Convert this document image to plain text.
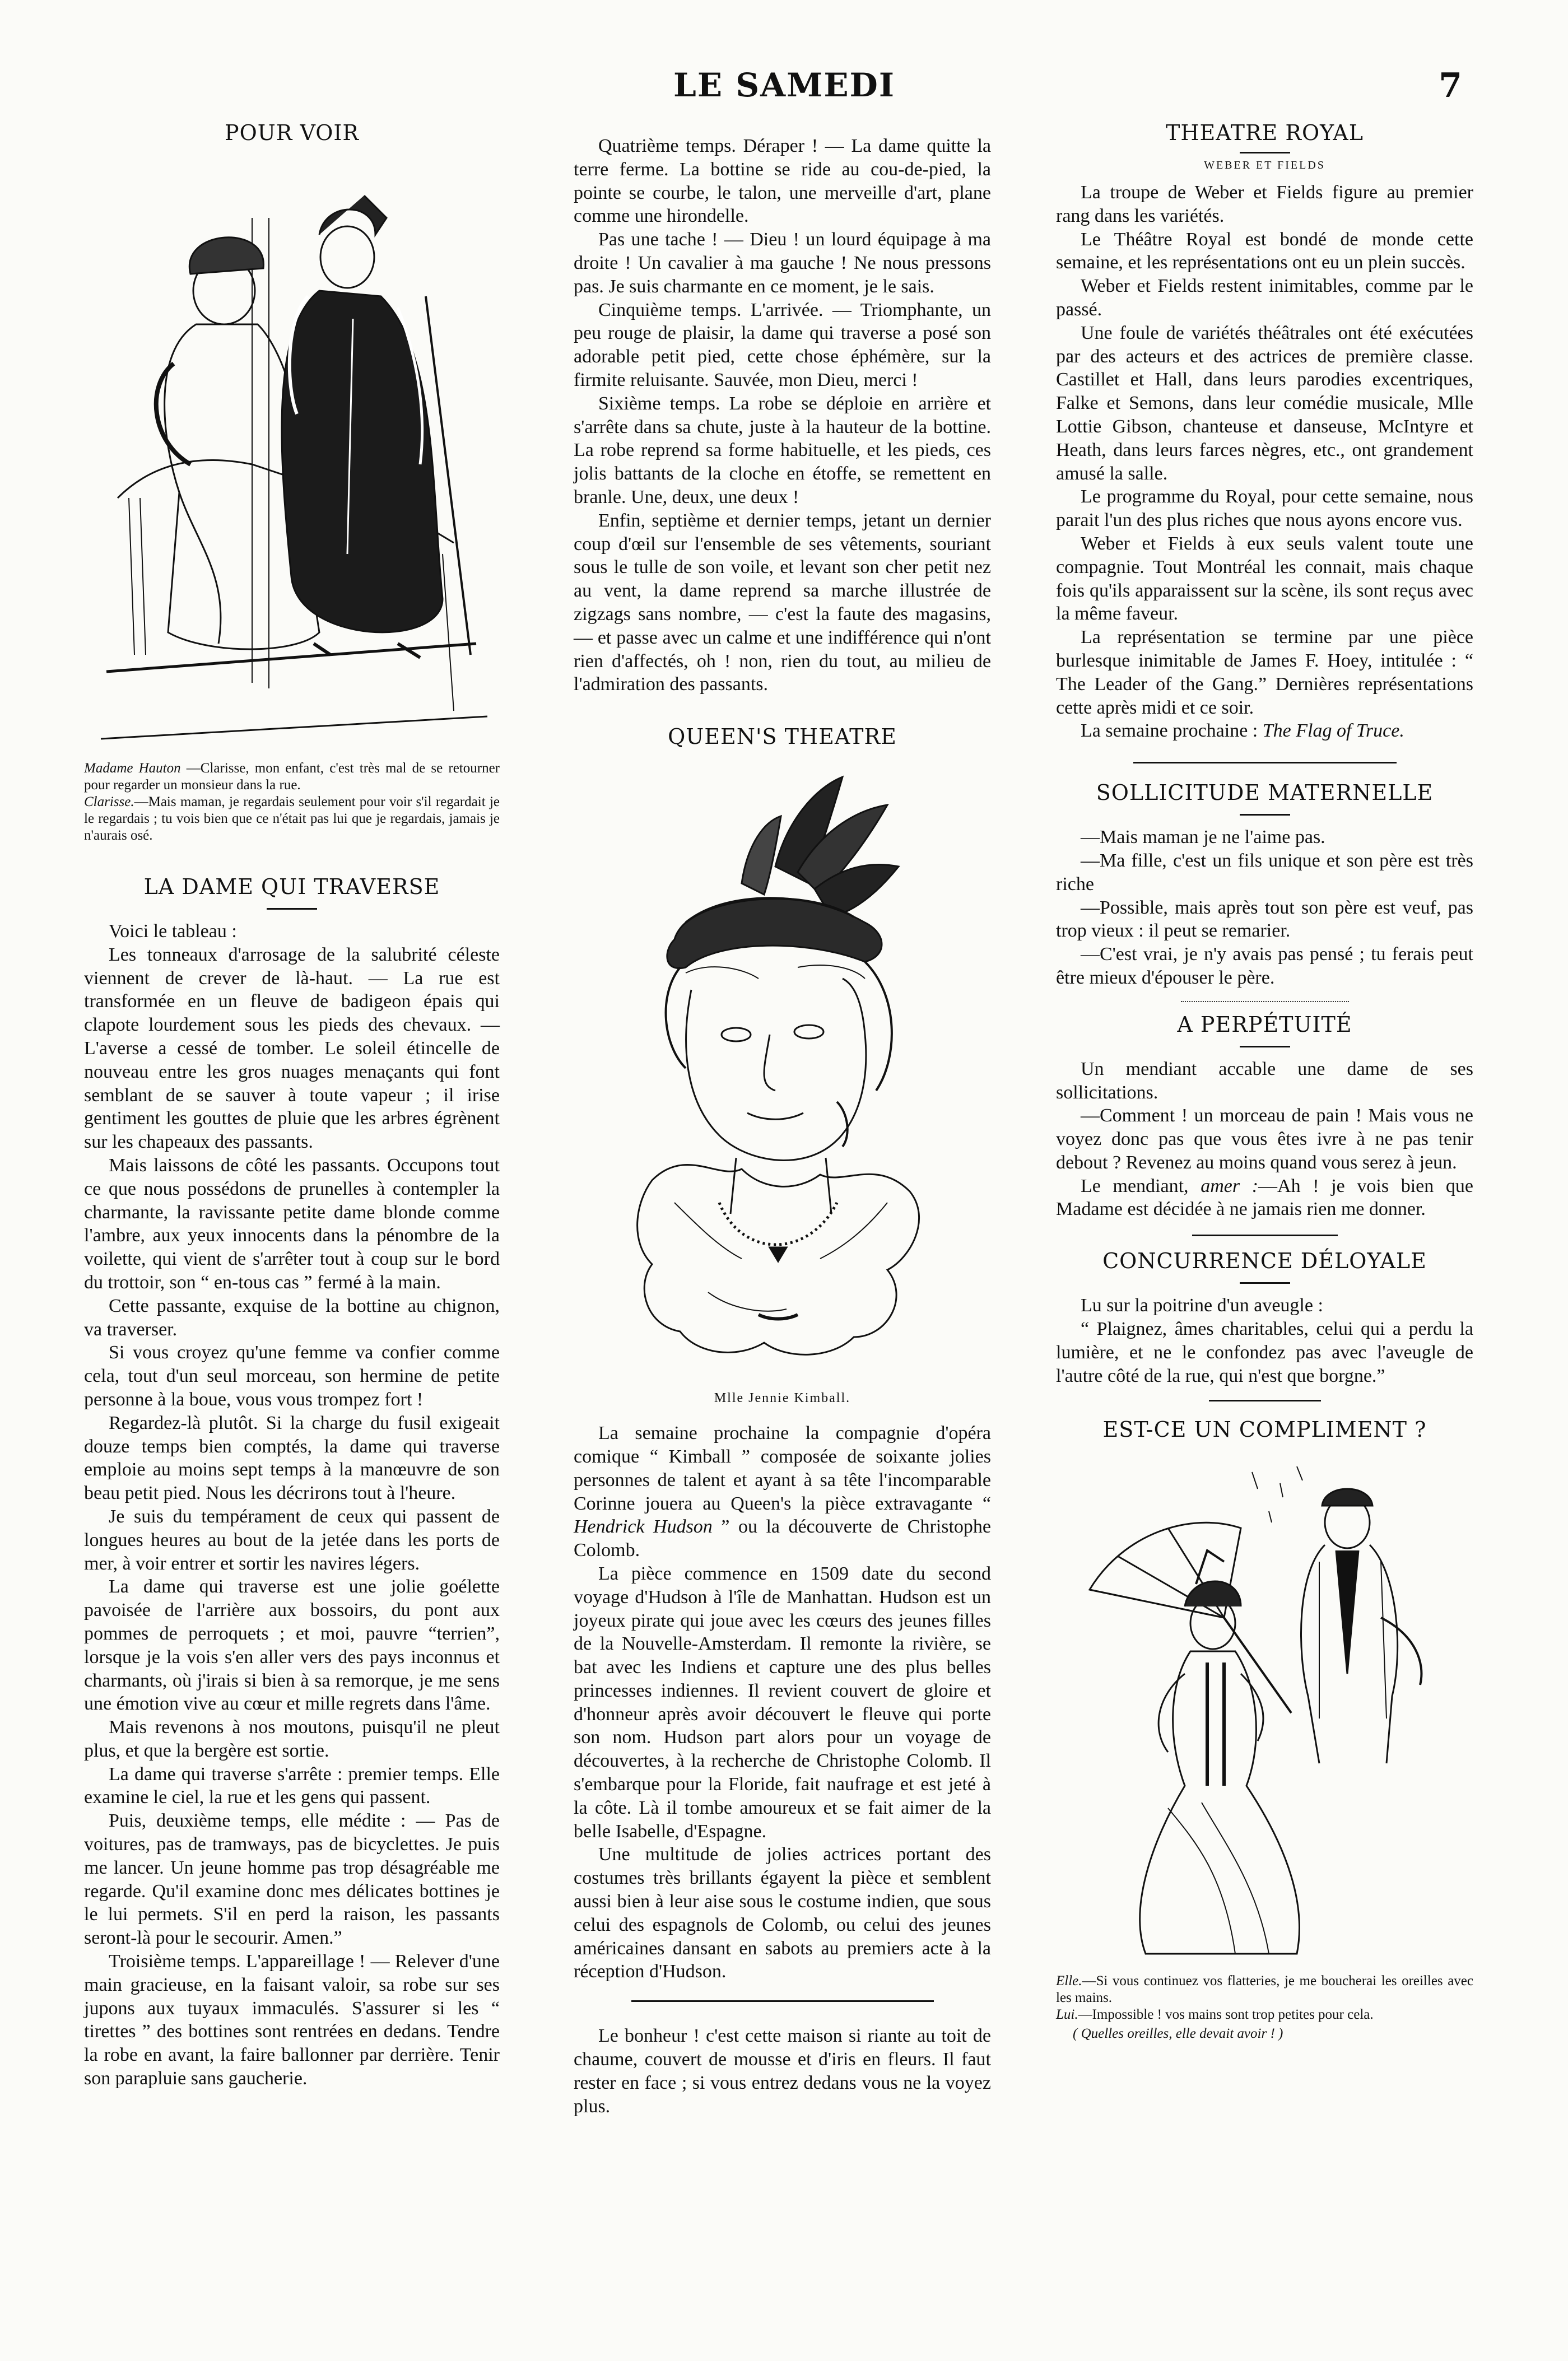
LE SAMEDI	7
POUR VOIR

Madame Hauton —Clarisse, mon enfant, c'est très mal de se retourner pour regarder un monsieur dans la rue.

Clarisse.—Mais maman, je regardais seulement pour voir s'il regardait je le regardais ; tu vois bien que ce n'était pas lui que je regardais, jamais je n'aurais osé.

LA DAME QUI TRAVERSE

Voici le tableau :

Les tonneaux d'arrosage de la salubrité céleste viennent de crever de là-haut. — La rue est transformée en un fleuve de badigeon épais qui clapote lourdement sous les pieds des chevaux. — L'averse a cessé de tomber. Le soleil étincelle de nouveau entre les gros nuages menaçants qui font semblant de se sauver à toute vapeur ; il irise gentiment les gouttes de pluie que les arbres égrènent sur les chapeaux des passants.

Mais laissons de côté les passants. Occupons tout ce que nous possédons de prunelles à contempler la charmante, la ravissante petite dame blonde comme l'ambre, aux yeux innocents dans la pénombre de la voilette, qui vient de s'arrêter tout à coup sur le bord du trottoir, son “ en-tous cas ” fermé à la main.

Cette passante, exquise de la bottine au chignon, va traverser.

Si vous croyez qu'une femme va confier comme cela, tout d'un seul morceau, son hermine de petite personne à la boue, vous vous trompez fort !

Regardez-là plutôt. Si la charge du fusil exigeait douze temps bien comptés, la dame qui traverse emploie au moins sept temps à la manœuvre de son beau petit pied. Nous les décrirons tout à l'heure.

Je suis du tempérament de ceux qui passent de longues heures au bout de la jetée dans les ports de mer, à voir entrer et sortir les navires légers.

La dame qui traverse est une jolie goélette pavoisée de l'arrière aux bossoirs, du pont aux pommes de perroquets ; et moi, pauvre “terrien”, lorsque je la vois s'en aller vers des pays inconnus et charmants, où j'irais si bien à sa remorque, je me sens une émotion vive au cœur et mille regrets dans l'âme.

Mais revenons à nos moutons, puisqu'il ne pleut plus, et que la bergère est sortie.

La dame qui traverse s'arrête : premier temps. Elle examine le ciel, la rue et les gens qui passent.

Puis, deuxième temps, elle médite : — Pas de voitures, pas de tramways, pas de bicyclettes. Je puis me lancer. Un jeune homme pas trop désagréable me regarde. Qu'il examine donc mes délicates bottines je le lui permets. S'il en perd la raison, les passants seront-là pour le secourir. Amen.”

Troisième temps. L'appareillage ! — Relever d'une main gracieuse, en la faisant valoir, sa robe sur ses jupons aux tuyaux immaculés. S'assurer si les “ tirettes ” des bottines sont rentrées en dedans. Tendre la robe en avant, la faire ballonner par derrière. Tenir son parapluie sans gaucherie.

Quatrième temps. Déraper ! — La dame quitte la terre ferme. La bottine se ride au cou-de-pied, la pointe se courbe, le talon, une merveille d'art, plane comme une hirondelle.

Pas une tache ! — Dieu ! un lourd équipage à ma droite ! Un cavalier à ma gauche ! Ne nous pressons pas. Je suis charmante en ce moment, je le sais.

Cinquième temps. L'arrivée. — Triomphante, un peu rouge de plaisir, la dame qui traverse a posé son adorable petit pied, cette chose éphémère, sur la firmite reluisante. Sauvée, mon Dieu, merci !

Sixième temps. La robe se déploie en arrière et s'arrête dans sa chute, juste à la hauteur de la bottine. La robe reprend sa forme habituelle, et les pieds, ces jolis battants de la cloche en étoffe, se remettent en branle. Une, deux, une deux !

Enfin, septième et dernier temps, jetant un dernier coup d'œil sur l'ensemble de ses vêtements, souriant sous le tulle de son voile, et levant son cher petit nez au vent, la dame reprend sa marche illustrée de zigzags sans nombre, — c'est la faute des magasins, — et passe avec un calme et une indifférence qui n'ont rien d'affectés, oh ! non, rien du tout, au milieu de l'admiration des passants.

QUEEN'S THEATRE
Mlle Jennie Kimball.

La semaine prochaine la compagnie d'opéra comique “ Kimball ” composée de soixante jolies personnes de talent et ayant à sa tête l'incomparable Corinne jouera au Queen's la pièce extravagante “ Hendrick Hudson ” ou la découverte de Christophe Colomb.

La pièce commence en 1509 date du second voyage d'Hudson à l'île de Manhattan. Hudson est un joyeux pirate qui joue avec les cœurs des jeunes filles de la Nouvelle-Amsterdam. Il remonte la rivière, se bat avec les Indiens et capture une des plus belles princesses indiennes. Il revient couvert de gloire et d'honneur après avoir découvert le fleuve qui porte son nom. Hudson part alors pour un voyage de découvertes, à la recherche de Christophe Colomb. Il s'embarque pour la Floride, fait naufrage et est jeté à la côte. Là il tombe amoureux et se fait aimer de la belle Isabelle, d'Espagne.

Une multitude de jolies actrices portant des costumes très brillants égayent la pièce et semblent aussi bien à leur aise sous le costume indien, que sous celui des espagnols de Colomb, ou celui des jeunes américaines dansant en sabots au premiers acte à la réception d'Hudson.

Le bonheur ! c'est cette maison si riante au toit de chaume, couvert de mousse et d'iris en fleurs. Il faut rester en face ; si vous entrez dedans vous ne la voyez plus.

THEATRE ROYAL
WEBER ET FIELDS

La troupe de Weber et Fields figure au premier rang dans les variétés.

Le Théâtre Royal est bondé de monde cette semaine, et les représentations ont eu un plein succès.

Weber et Fields restent inimitables, comme par le passé.

Une foule de variétés théâtrales ont été exécutées par des acteurs et des actrices de première classe. Castillet et Hall, dans leurs parodies excentriques, Falke et Semons, dans leur comédie musicale, Mlle Lottie Gibson, chanteuse et danseuse, McIntyre et Heath, dans leurs farces nègres, etc., ont grandement amusé la salle.

Le programme du Royal, pour cette semaine, nous parait l'un des plus riches que nous ayons encore vus.

Weber et Fields à eux seuls valent toute une compagnie. Tout Montréal les connait, mais chaque fois qu'ils apparaissent sur la scène, ils sont reçus avec la même faveur.

La représentation se termine par une pièce burlesque inimitable de James F. Hoey, intitulée : “ The Leader of the Gang.” Dernières représentations cette après midi et ce soir.

La semaine prochaine : The Flag of Truce.

SOLLICITUDE MATERNELLE

—Mais maman je ne l'aime pas.

—Ma fille, c'est un fils unique et son père est très riche

—Possible, mais après tout son père est veuf, pas trop vieux : il peut se remarier.

—C'est vrai, je n'y avais pas pensé ; tu ferais peut être mieux d'épouser le père.

A PERPÉTUITÉ

Un mendiant accable une dame de ses sollicitations.

—Comment ! un morceau de pain ! Mais vous ne voyez donc pas que vous êtes ivre à ne pas tenir debout ? Revenez au moins quand vous serez à jeun.

Le mendiant, amer :—Ah ! je vois bien que Madame est décidée à ne jamais rien me donner.

CONCURRENCE DÉLOYALE

Lu sur la poitrine d'un aveugle :

“ Plaignez, âmes charitables, celui qui a perdu la lumière, et ne le confondez pas avec l'aveugle de l'autre côté de la rue, qui n'est que borgne.”

EST-CE UN COMPLIMENT ?

Elle.—Si vous continuez vos flatteries, je me boucherai les oreilles avec les mains.

Lui.—Impossible ! vos mains sont trop petites pour cela.

( Quelles oreilles, elle devait avoir ! )
